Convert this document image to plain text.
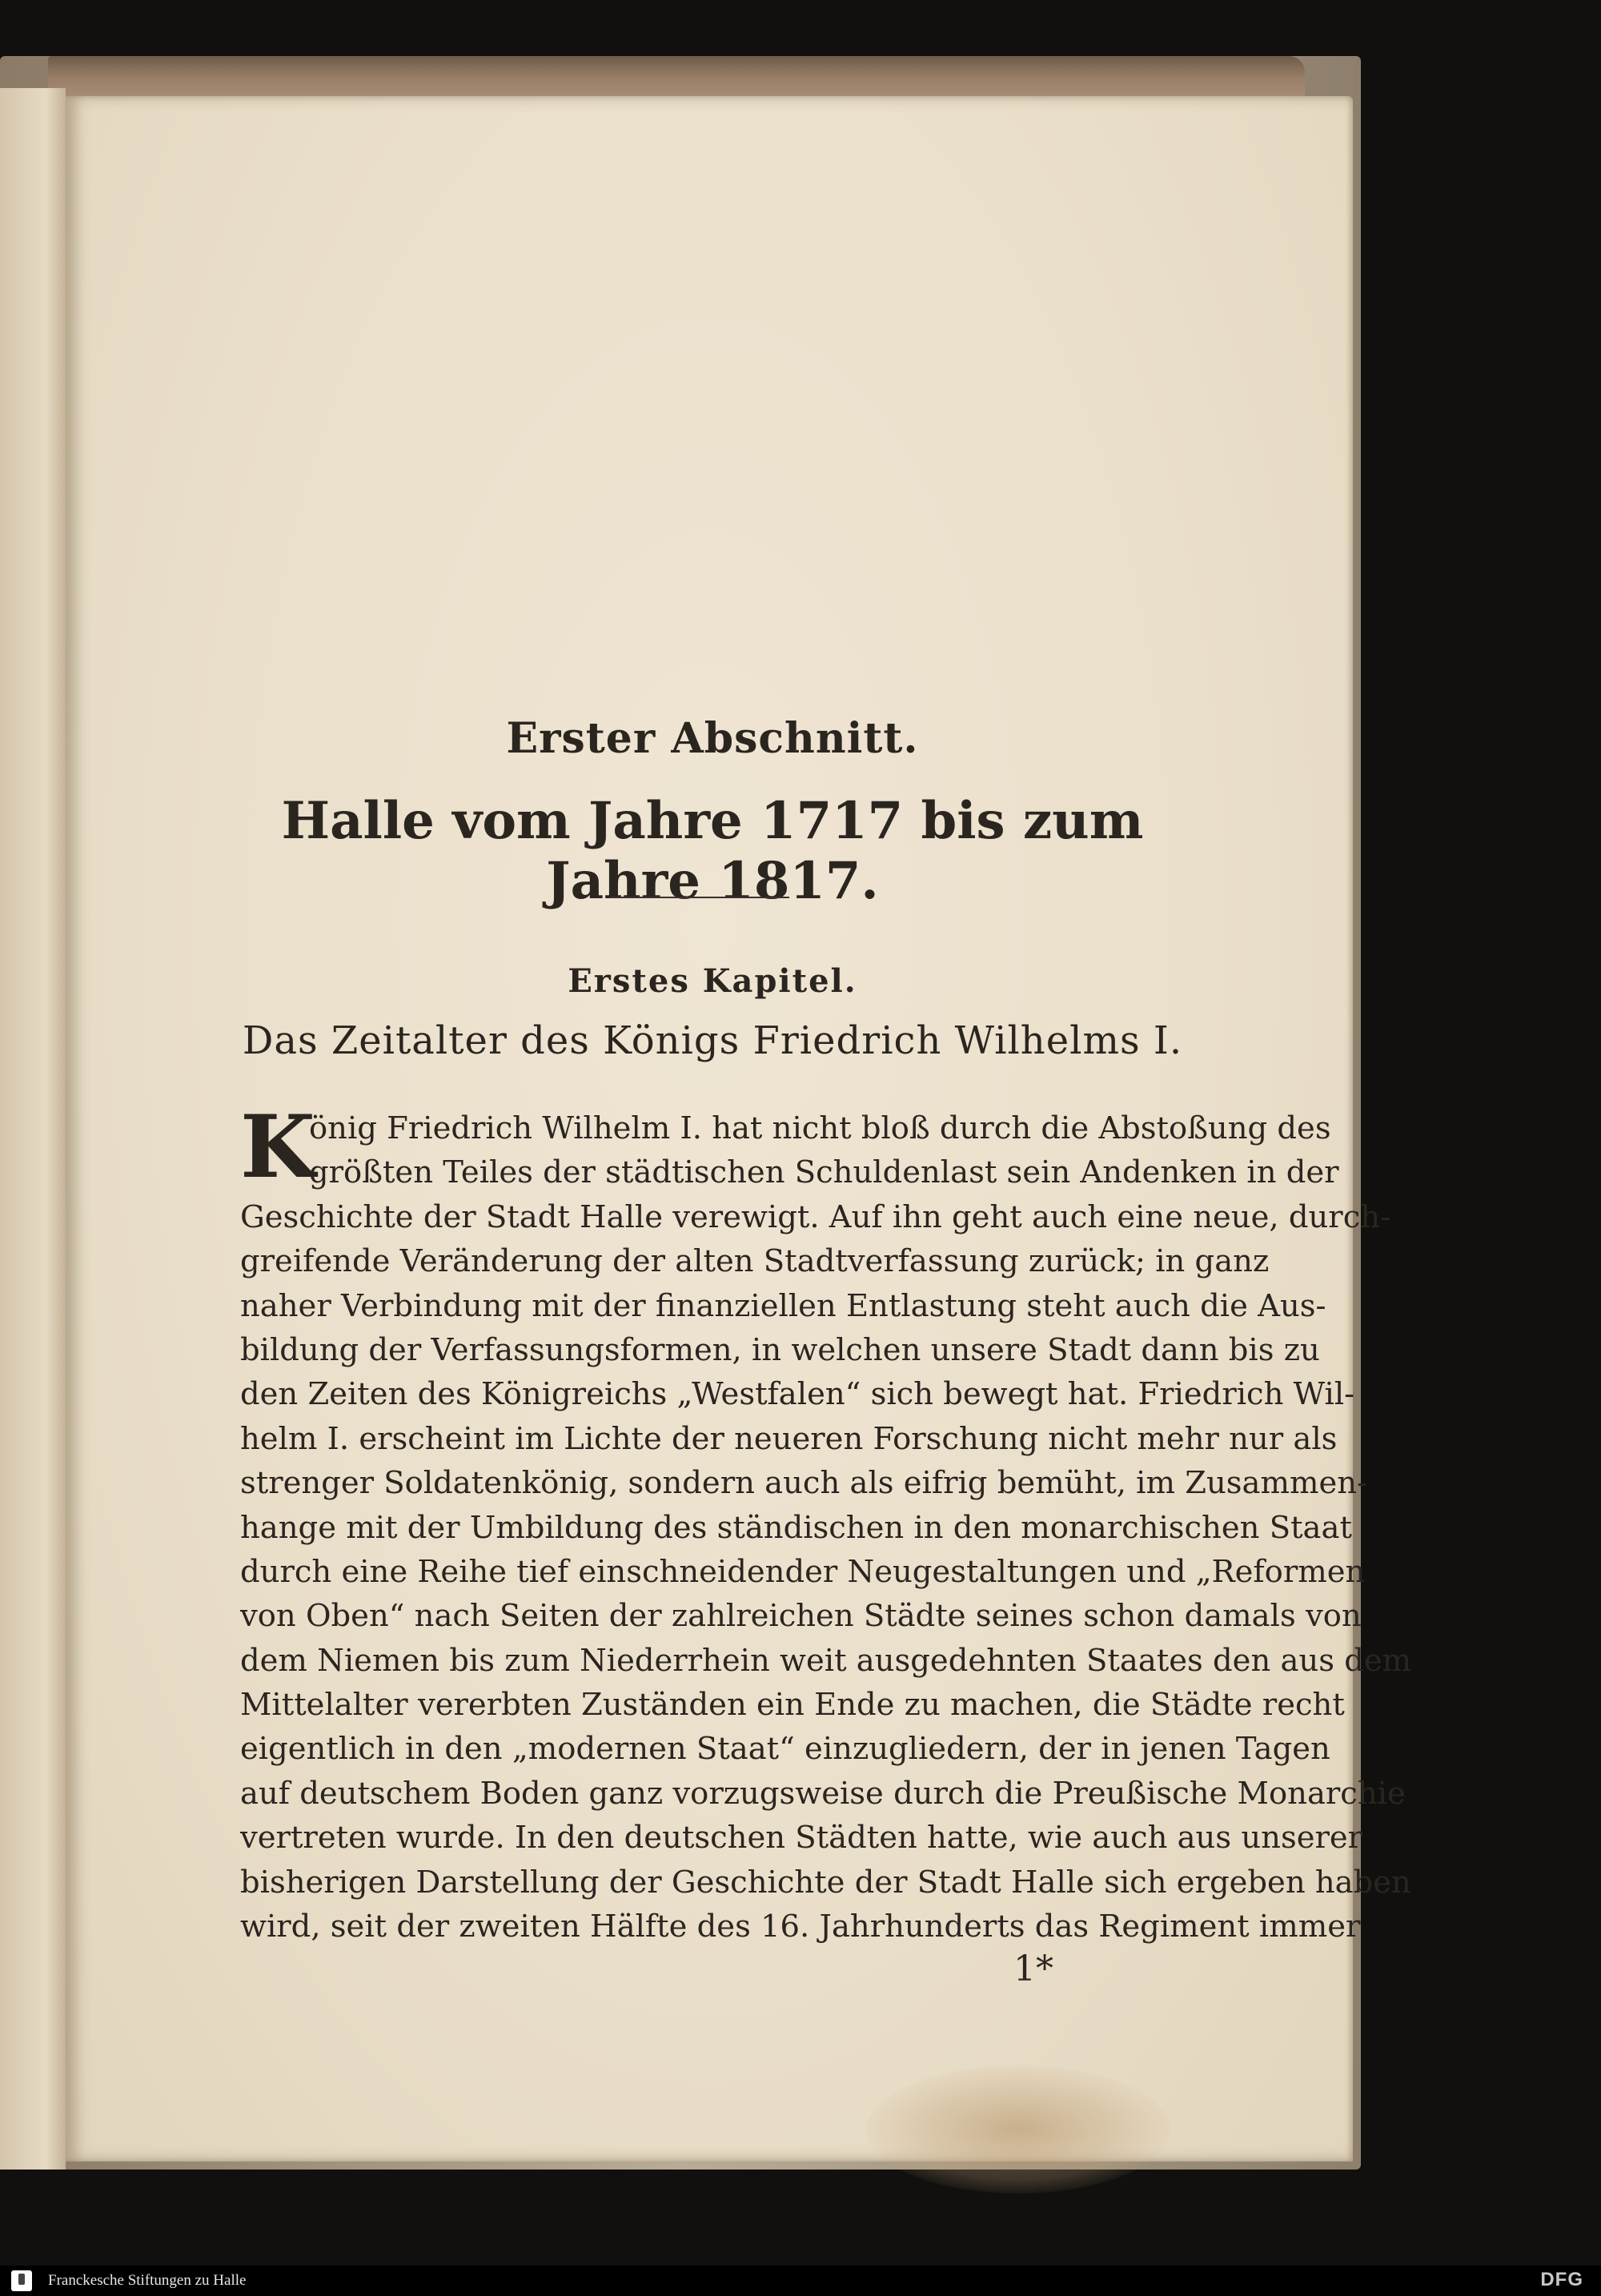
Erster Abschnitt.
Halle vom Jahre 1717 bis zum Jahre 1817.
Erstes Kapitel.
Das Zeitalter des Königs Friedrich Wilhelms I.
K
önig Friedrich Wilhelm I. hat nicht bloß durch die Abstoßung des
größten Teiles der städtischen Schuldenlast sein Andenken in der
Geschichte der Stadt Halle verewigt. Auf ihn geht auch eine neue, durch-
greifende Veränderung der alten Stadtverfassung zurück; in ganz
naher Verbindung mit der finanziellen Entlastung steht auch die Aus-
bildung der Verfassungsformen, in welchen unsere Stadt dann bis zu
den Zeiten des Königreichs „Westfalen“ sich bewegt hat. Friedrich Wil-
helm I. erscheint im Lichte der neueren Forschung nicht mehr nur als
strenger Soldatenkönig, sondern auch als eifrig bemüht, im Zusammen-
hange mit der Umbildung des ständischen in den monarchischen Staat
durch eine Reihe tief einschneidender Neugestaltungen und „Reformen
von Oben“ nach Seiten der zahlreichen Städte seines schon damals von
dem Niemen bis zum Niederrhein weit ausgedehnten Staates den aus dem
Mittelalter vererbten Zuständen ein Ende zu machen, die Städte recht
eigentlich in den „modernen Staat“ einzugliedern, der in jenen Tagen
auf deutschem Boden ganz vorzugsweise durch die Preußische Monarchie
vertreten wurde. In den deutschen Städten hatte, wie auch aus unserer
bisherigen Darstellung der Geschichte der Stadt Halle sich ergeben haben
wird, seit der zweiten Hälfte des 16. Jahrhunderts das Regiment immer
1*
Franckesche Stiftungen zu Halle	DFG
